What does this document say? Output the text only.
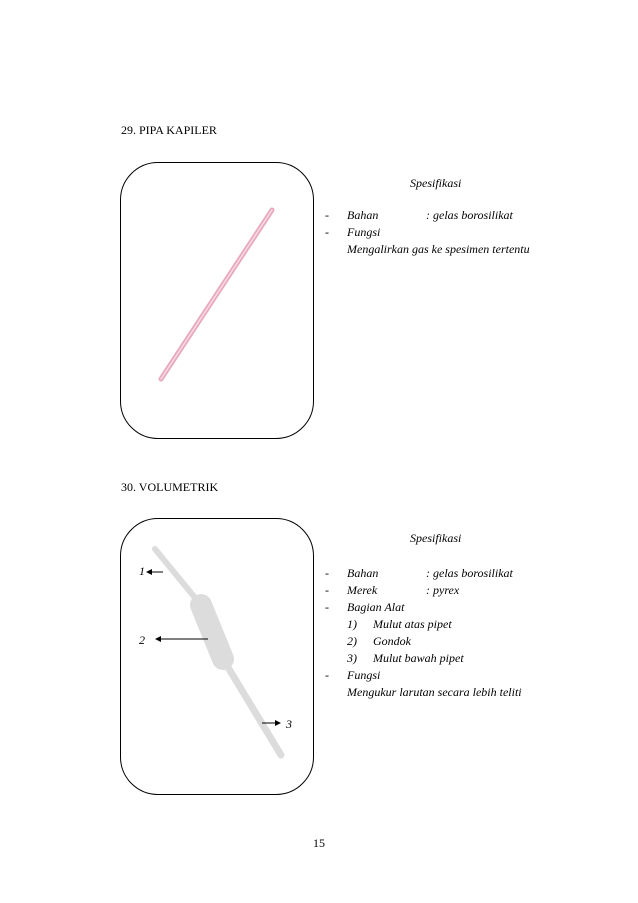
29. PIPA KAPILER
Spesifikasi
- Bahan	: gelas borosilikat
- Fungsi
Mengalirkan gas ke spesimen tertentu
30. VOLUMETRIK
1
2
3
Spesifikasi
- Bahan	: gelas borosilikat
- Merek	: pyrex
- Bagian Alat
1) Mulut atas pipet
2) Gondok
3) Mulut bawah pipet
- Fungsi
Mengukur larutan secara lebih teliti
15
